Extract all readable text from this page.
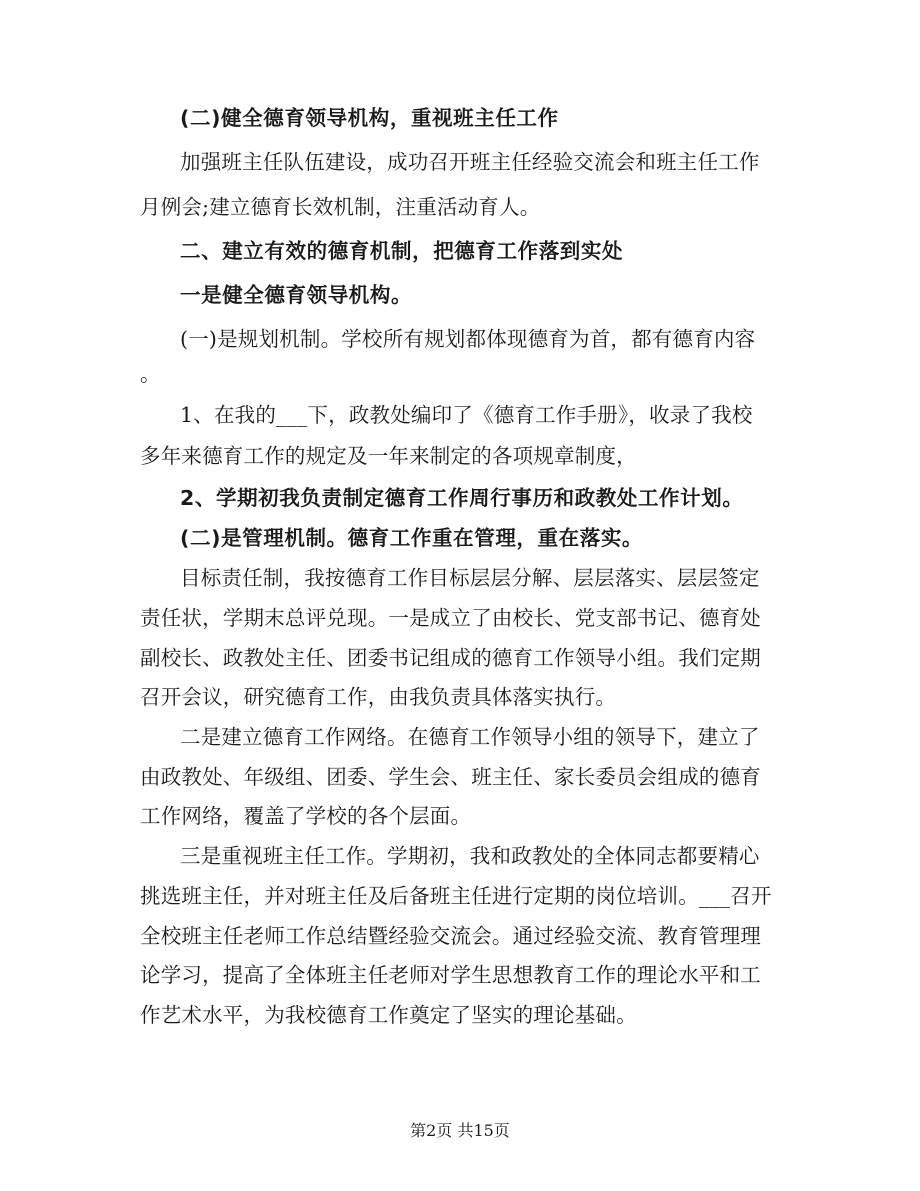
(二)健全德育领导机构，重视班主任工作
加强班主任队伍建设，成功召开班主任经验交流会和班主任工作
月例会;建立德育长效机制，注重活动育人。
二、建立有效的德育机制，把德育工作落到实处
一是健全德育领导机构。
(一)是规划机制。学校所有规划都体现德育为首，都有德育内容
。
1、在我的___下，政教处编印了《德育工作手册》，收录了我校
多年来德育工作的规定及一年来制定的各项规章制度，
2、学期初我负责制定德育工作周行事历和政教处工作计划。
(二)是管理机制。德育工作重在管理，重在落实。
目标责任制，我按德育工作目标层层分解、层层落实、层层签定
责任状，学期末总评兑现。一是成立了由校长、党支部书记、德育处
副校长、政教处主任、团委书记组成的德育工作领导小组。我们定期
召开会议，研究德育工作，由我负责具体落实执行。
二是建立德育工作网络。在德育工作领导小组的领导下，建立了
由政教处、年级组、团委、学生会、班主任、家长委员会组成的德育
工作网络，覆盖了学校的各个层面。
三是重视班主任工作。学期初，我和政教处的全体同志都要精心
挑选班主任，并对班主任及后备班主任进行定期的岗位培训。___召开
全校班主任老师工作总结暨经验交流会。通过经验交流、教育管理理
论学习，提高了全体班主任老师对学生思想教育工作的理论水平和工
作艺术水平，为我校德育工作奠定了坚实的理论基础。
第2页 共15页
